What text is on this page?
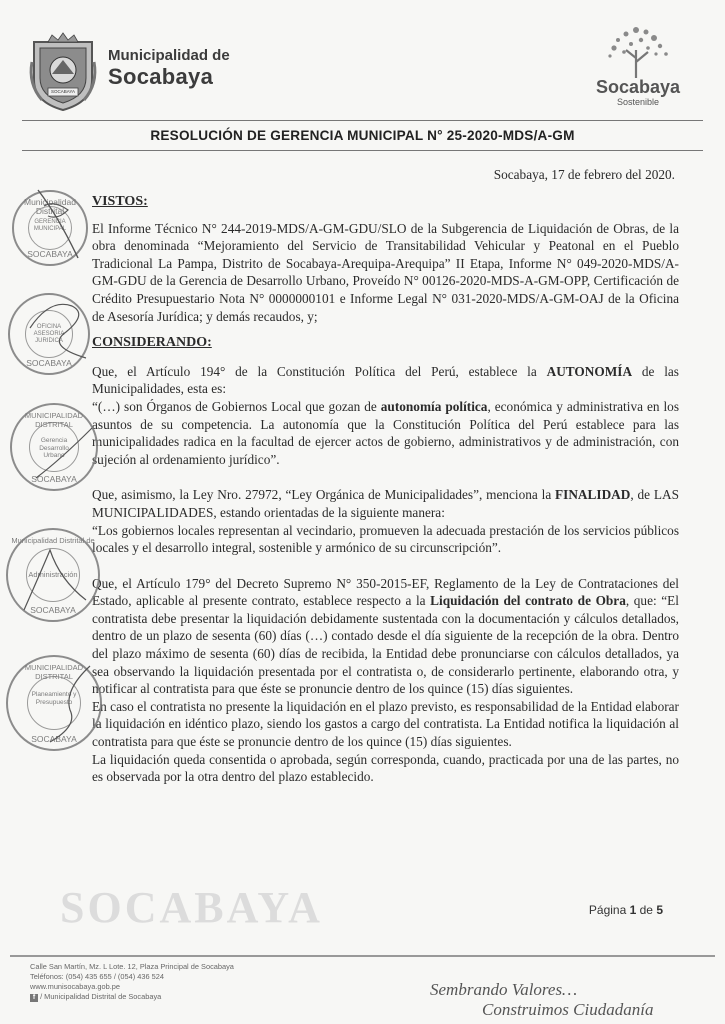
SOCABAYA
Municipalidad de
Socabaya	Socabaya
Sostenible
RESOLUCIÓN DE GERENCIA MUNICIPAL N° 25-2020-MDS/A-GM
Socabaya, 17 de febrero del 2020.

VISTOS:

El Informe Técnico N° 244-2019-MDS/A-GM-GDU/SLO de la Subgerencia de Liquidación de Obras, de la obra denominada “Mejoramiento del Servicio de Transitabilidad Vehicular y Peatonal en el Pueblo Tradicional La Pampa, Distrito de Socabaya-Arequipa-Arequipa” II Etapa, Informe N° 049-2020-MDS/A-GM-GDU de la Gerencia de Desarrollo Urbano, Proveído N° 00126-2020-MDS-A-GM-OPP, Certificación de Crédito Presupuestario Nota N° 0000000101 e Informe Legal N° 031-2020-MDS/A-GM-OAJ de la Oficina de Asesoría Jurídica; y demás recaudos, y;

CONSIDERANDO:

Que, el Artículo 194° de la Constitución Política del Perú, establece la AUTONOMÍA de las Municipalidades, esta es:

“(…) son Órganos de Gobiernos Local que gozan de autonomía política, económica y administrativa en los asuntos de su competencia. La autonomía que la Constitución Política del Perú establece para las municipalidades radica en la facultad de ejercer actos de gobierno, administrativos y de administración, con sujeción al ordenamiento jurídico”.

Que, asimismo, la Ley Nro. 27972, “Ley Orgánica de Municipalidades”, menciona la FINALIDAD, de LAS MUNICIPALIDADES, estando orientadas de la siguiente manera:

“Los gobiernos locales representan al vecindario, promueven la adecuada prestación de los servicios públicos locales y el desarrollo integral, sostenible y armónico de su circunscripción”.

Que, el Artículo 179° del Decreto Supremo N° 350-2015-EF, Reglamento de la Ley de Contrataciones del Estado, aplicable al presente contrato, establece respecto a la Liquidación del contrato de Obra, que: “El contratista debe presentar la liquidación debidamente sustentada con la documentación y cálculos detallados, dentro de un plazo de sesenta (60) días (…) contado desde el día siguiente de la recepción de la obra. Dentro del plazo máximo de sesenta (60) días de recibida, la Entidad debe pronunciarse con cálculos detallados, ya sea observando la liquidación presentada por el contratista o, de considerarlo pertinente, elaborando otra, y notificar al contratista para que éste se pronuncie dentro de los quince (15) días siguientes.

En caso el contratista no presente la liquidación en el plazo previsto, es responsabilidad de la Entidad elaborar la liquidación en idéntico plazo, siendo los gastos a cargo del contratista. La Entidad notifica la liquidación al contratista para que éste se pronuncie dentro de los quince (15) días siguientes.

La liquidación queda consentida o aprobada, según corresponda, cuando, practicada por una de las partes, no es observada por la otra dentro del plazo establecido.

Municipalidad Distrital
GERENCIA MUNICIPAL
SOCABAYA
OFICINA ASESORIA JURIDICA
SOCABAYA
MUNICIPALIDAD DISTRITAL
Gerencia Desarrollo Urbano
SOCABAYA
Municipalidad Distrital de
Administración
SOCABAYA
MUNICIPALIDAD DISTRITAL
Planeamiento y Presupuesto
SOCABAYA
SOCABAYA	Página 1 de 5
Calle San Martín, Mz. L Lote. 12, Plaza Principal de Socabaya
Teléfonos: (054) 435 655 / (054) 436 524
www.munisocabaya.gob.pe
f / Municipalidad Distrital de Socabaya	Sembrando Valores…
Construimos Ciudadanía
